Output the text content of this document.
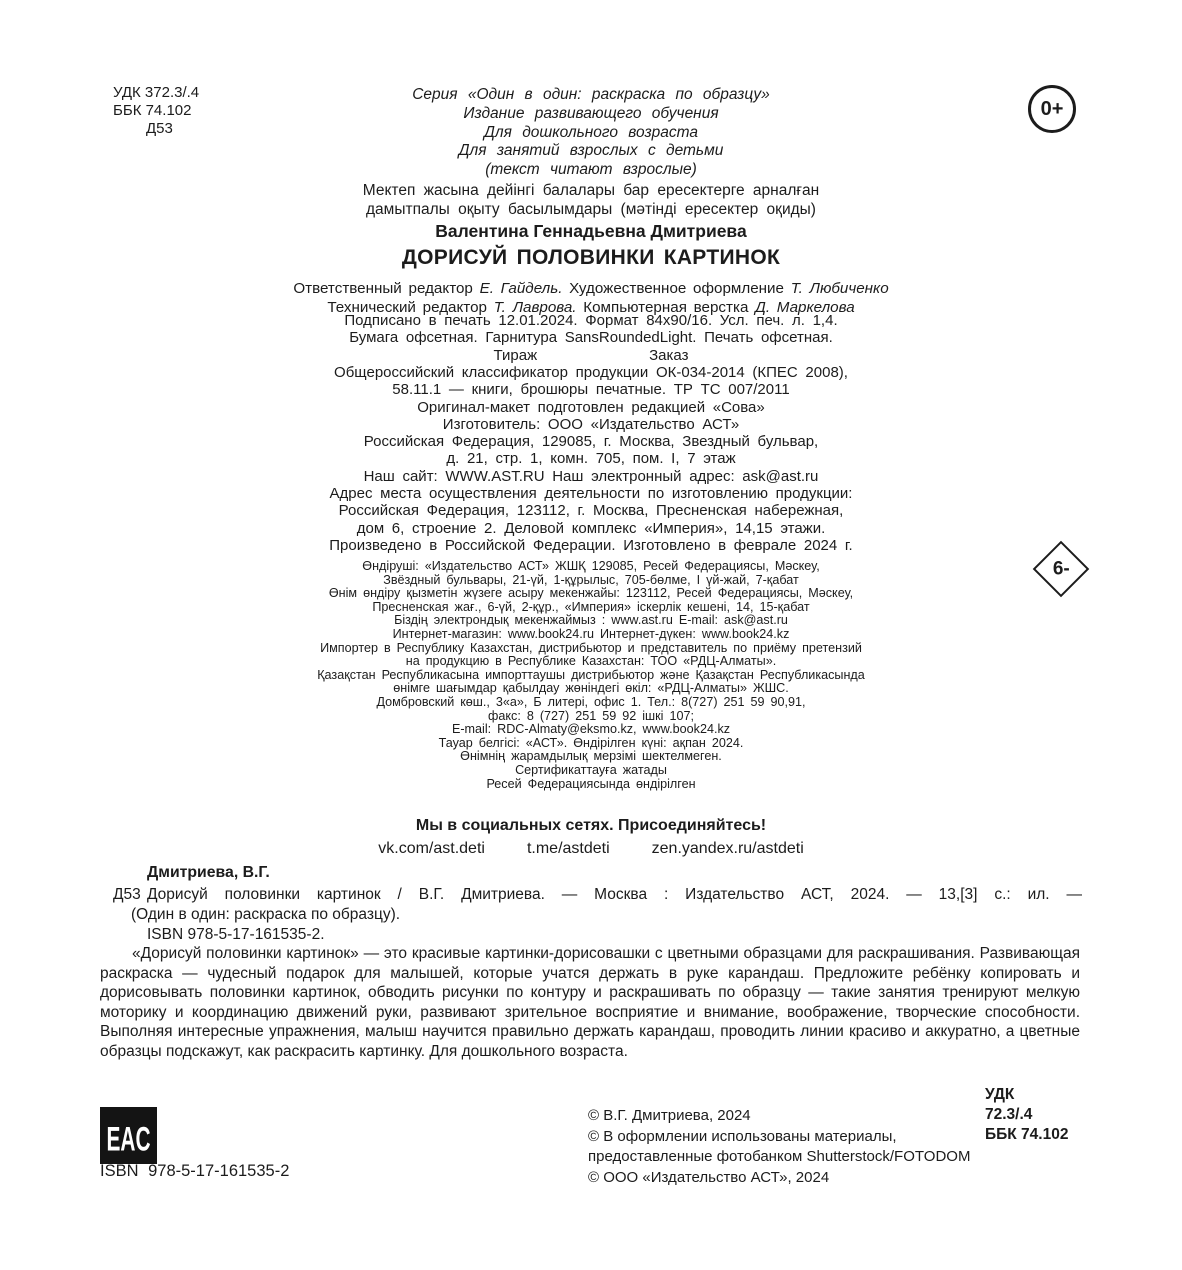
УДК 372.3/.4
ББК 74.102
Д53
0+
6-
Серия «Один в один: раскраска по образцу»
Издание развивающего обучения
Для дошкольного возраста
Для занятий взрослых с детьми
(текст читают взрослые)
Мектеп жасына дейінгі балалары бар ересектерге арналған
дамытпалы оқыту басылымдары (мәтінді ересектер оқиды)
Валентина Геннадьевна Дмитриева
ДОРИСУЙ ПОЛОВИНКИ КАРТИНОК
Ответственный редактор Е. Гайдель. Художественное оформление Т. Любиченко
Технический редактор Т. Лаврова. Компьютерная верстка Д. Маркелова
Подписано в печать 12.01.2024. Формат 84х90/16. Усл. печ. л. 1,4.
Бумага офсетная. Гарнитура SansRoundedLight. Печать офсетная.
Тираж	Заказ
Общероссийский классификатор продукции ОК-034-2014 (КПЕС 2008),
58.11.1 — книги, брошюры печатные. ТР ТС 007/2011
Оригинал-макет подготовлен редакцией «Сова»
Изготовитель: ООО «Издательство АСТ»
Российская Федерация, 129085, г. Москва, Звездный бульвар,
д. 21, стр. 1, комн. 705, пом. I, 7 этаж
Наш сайт: WWW.AST.RU Наш электронный адрес: ask@ast.ru
Адрес места осуществления деятельности по изготовлению продукции:
Российская Федерация, 123112, г. Москва, Пресненская набережная,
дом 6, строение 2. Деловой комплекс «Империя», 14,15 этажи.
Произведено в Российской Федерации. Изготовлено в феврале 2024 г.
Өндіруші: «Издательство АСТ» ЖШҚ 129085, Ресей Федерациясы, Мәскеу,
Звёздный бульвары, 21-үй, 1-құрылыс, 705-бөлме, I үй-жай, 7-қабат
Өнім өндіру қызметін жүзеге асыру мекенжайы: 123112, Ресей Федерациясы, Мәскеу,
Пресненская жағ., 6-үй, 2-құр., «Империя» іскерлік кешені, 14, 15-қабат
Біздің электрондық мекенжаймыз : www.ast.ru E-mail: ask@ast.ru
Интернет-магазин: www.book24.ru Интернет-дүкен: www.book24.kz
Импортер в Республику Казахстан, дистрибьютор и представитель по приёму претензий
на продукцию в Республике Казахстан: ТОО «РДЦ-Алматы».
Қазақстан Республикасына импорттаушы дистрибьютор және Қазақстан Республикасында
өнімге шағымдар қабылдау жөніндегі өкіл: «РДЦ-Алматы» ЖШС.
Домбровский көш., 3«а», Б литері, офис 1. Тел.: 8(727) 251 59 90,91,
факс: 8 (727) 251 59 92 ішкі 107;
E-mail: RDC-Almaty@eksmo.kz, www.book24.kz
Тауар белгісі: «АСТ». Өндірілген күні: ақпан 2024.
Өнімнің жарамдылық мерзімі шектелмеген.
Сертификаттауға жатады
Ресей Федерациясында өндірілген
Мы в социальных сетях. Присоединяйтесь!
vk.com/ast.deti	t.me/astdeti	zen.yandex.ru/astdeti
Д53
Дмитриева, В.Г.
Дорисуй половинки картинок / В.Г. Дмитриева. — Москва : Издательство АСТ, 2024. — 13,[3] с.: ил. —
(Один в один: раскраска по образцу).
ISBN 978-5-17-161535-2.
«Дорисуй половинки картинок» — это красивые картинки-дорисовашки с цветными образцами для раскрашивания. Развивающая раскраска — чудесный подарок для малышей, которые учатся держать в руке карандаш. Предложите ребёнку копировать и дорисовывать половинки картинок, обводить рисунки по контуру и раскрашивать по образцу — такие занятия тренируют мелкую моторику и координацию движений руки, развивают зрительное восприятие и внимание, воображение, творческие способности. Выполняя интересные упражнения, малыш научится правильно держать карандаш, проводить линии красиво и аккуратно, а цветные образцы подскажут, как раскрасить картинку. Для дошкольного возраста.
EAC
ISBN 978-5-17-161535-2
© В.Г. Дмитриева, 2024
© В оформлении использованы материалы,
предоставленные фотобанком Shutterstock/FOTODOM
© ООО «Издательство АСТ», 2024
УДК
72.3/.4
ББК 74.102
